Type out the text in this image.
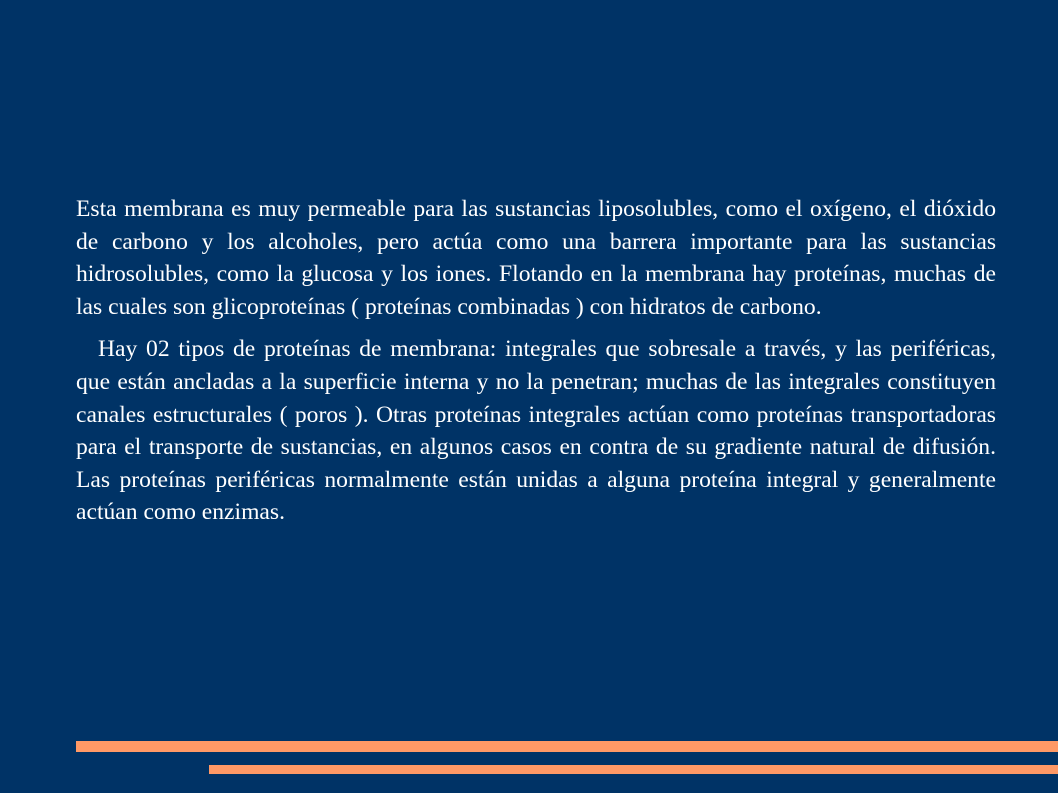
Esta membrana es muy permeable para las sustancias liposolubles, como el oxígeno, el dióxido de carbono y los alcoholes, pero actúa como una barrera importante para las sustancias hidrosolubles, como la glucosa y los iones. Flotando en la membrana hay proteínas, muchas de las cuales son glicoproteínas ( proteínas combinadas ) con hidratos de carbono.

Hay 02 tipos de proteínas de membrana: integrales que sobresale a través, y las periféricas, que están ancladas a la superficie interna y no la penetran; muchas de las integrales constituyen canales estructurales ( poros ). Otras proteínas integrales actúan como proteínas transportadoras para el transporte de sustancias, en algunos casos en contra de su gradiente natural de difusión. Las proteínas periféricas normalmente están unidas a alguna proteína integral y generalmente actúan como enzimas.
